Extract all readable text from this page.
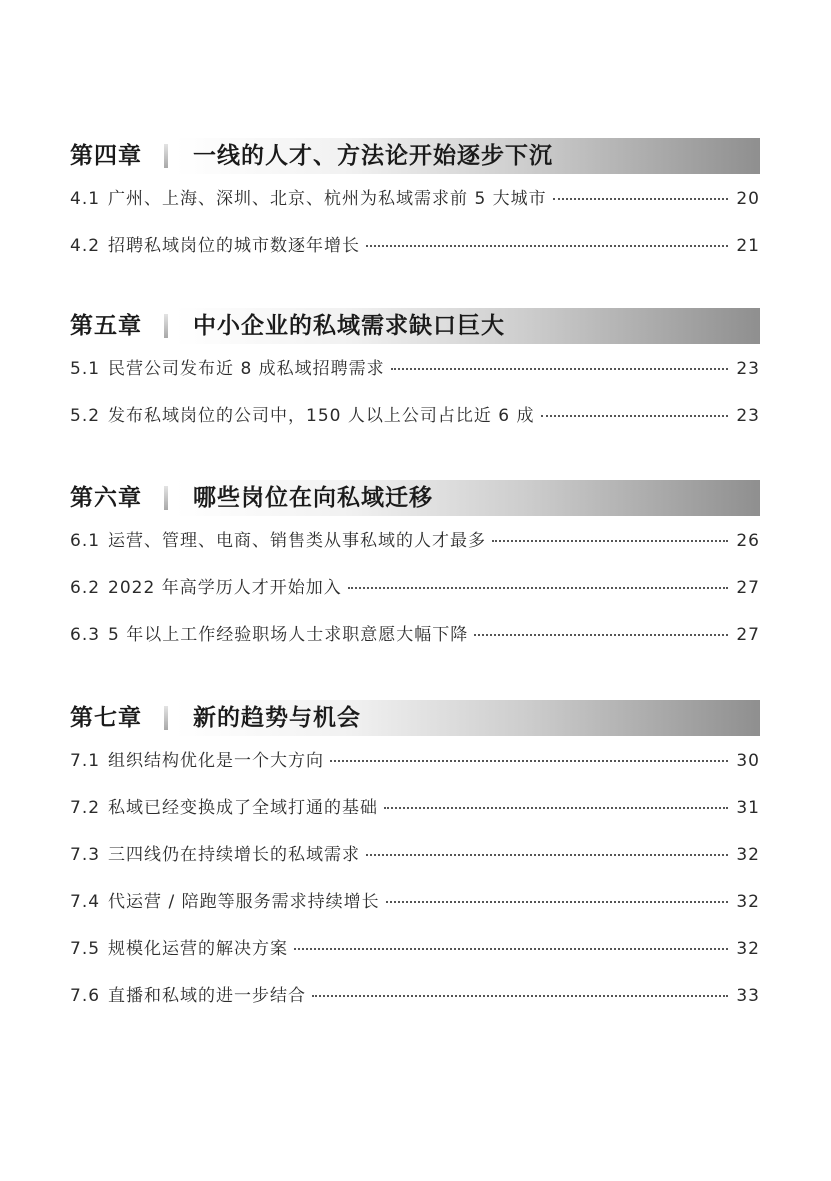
第四章	一线的人才、方法论开始逐步下沉
4.1 广州、上海、深圳、北京、杭州为私域需求前 5 大城市	20
4.2 招聘私域岗位的城市数逐年增长	21
第五章	中小企业的私域需求缺口巨大
5.1 民营公司发布近 8 成私域招聘需求	23
5.2 发布私域岗位的公司中，150 人以上公司占比近 6 成	23
第六章	哪些岗位在向私域迁移
6.1 运营、管理、电商、销售类从事私域的人才最多	26
6.2 2022 年高学历人才开始加入	27
6.3 5 年以上工作经验职场人士求职意愿大幅下降	27
第七章	新的趋势与机会
7.1 组织结构优化是一个大方向	30
7.2 私域已经变换成了全域打通的基础	31
7.3 三四线仍在持续增长的私域需求	32
7.4 代运营 / 陪跑等服务需求持续增长	32
7.5 规模化运营的解决方案	32
7.6 直播和私域的进一步结合	33
